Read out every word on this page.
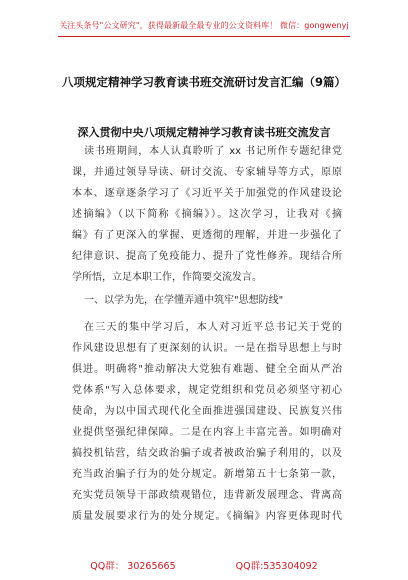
关注头条号"公文研究"，获得最新最全最专业的公文资料库！ 微信：gongwenyj
八项规定精神学习教育读书班交流研讨发言汇编（9篇）
深入贯彻中央八项规定精神学习教育读书班交流发言
读书班期间，本人认真聆听了 xx 书记所作专题纪律党
课，并通过领导导读、研讨交流、专家辅导等方式，原原
本本、逐章逐条学习了《习近平关于加强党的作风建设论
述摘编》（以下简称《摘编》）。这次学习，让我对《摘
编》有了更深入的掌握、更透彻的理解，并进一步强化了
纪律意识、提高了免疫能力、提升了党性修养。现结合所
学所悟，立足本职工作，作简要交流发言。
一、以学为先，在学懂弄通中筑牢"思想防线"
在三天的集中学习后，本人对习近平总书记关于党的
作风建设思想有了更深刻的认识。一是在指导思想上与时
俱进。明确将"推动解决大党独有难题、健全全面从严治
党体系"写入总体要求，规定党组织和党员必须坚守初心
使命，为以中国式现代化全面推进强国建设、民族复兴伟
业提供坚强纪律保障。二是在内容上丰富完善。如明确对
搞投机钻营，结交政治骗子或者被政治骗子利用的，以及
充当政治骗子行为的处分规定。新增第五十七条第一款，
充实党员领导干部政绩观错位，违背新发展理念、背离高
质量发展要求行为的处分规定。《摘编》内容更体现时代
QQ群： 30265665	QQ群:535304092
